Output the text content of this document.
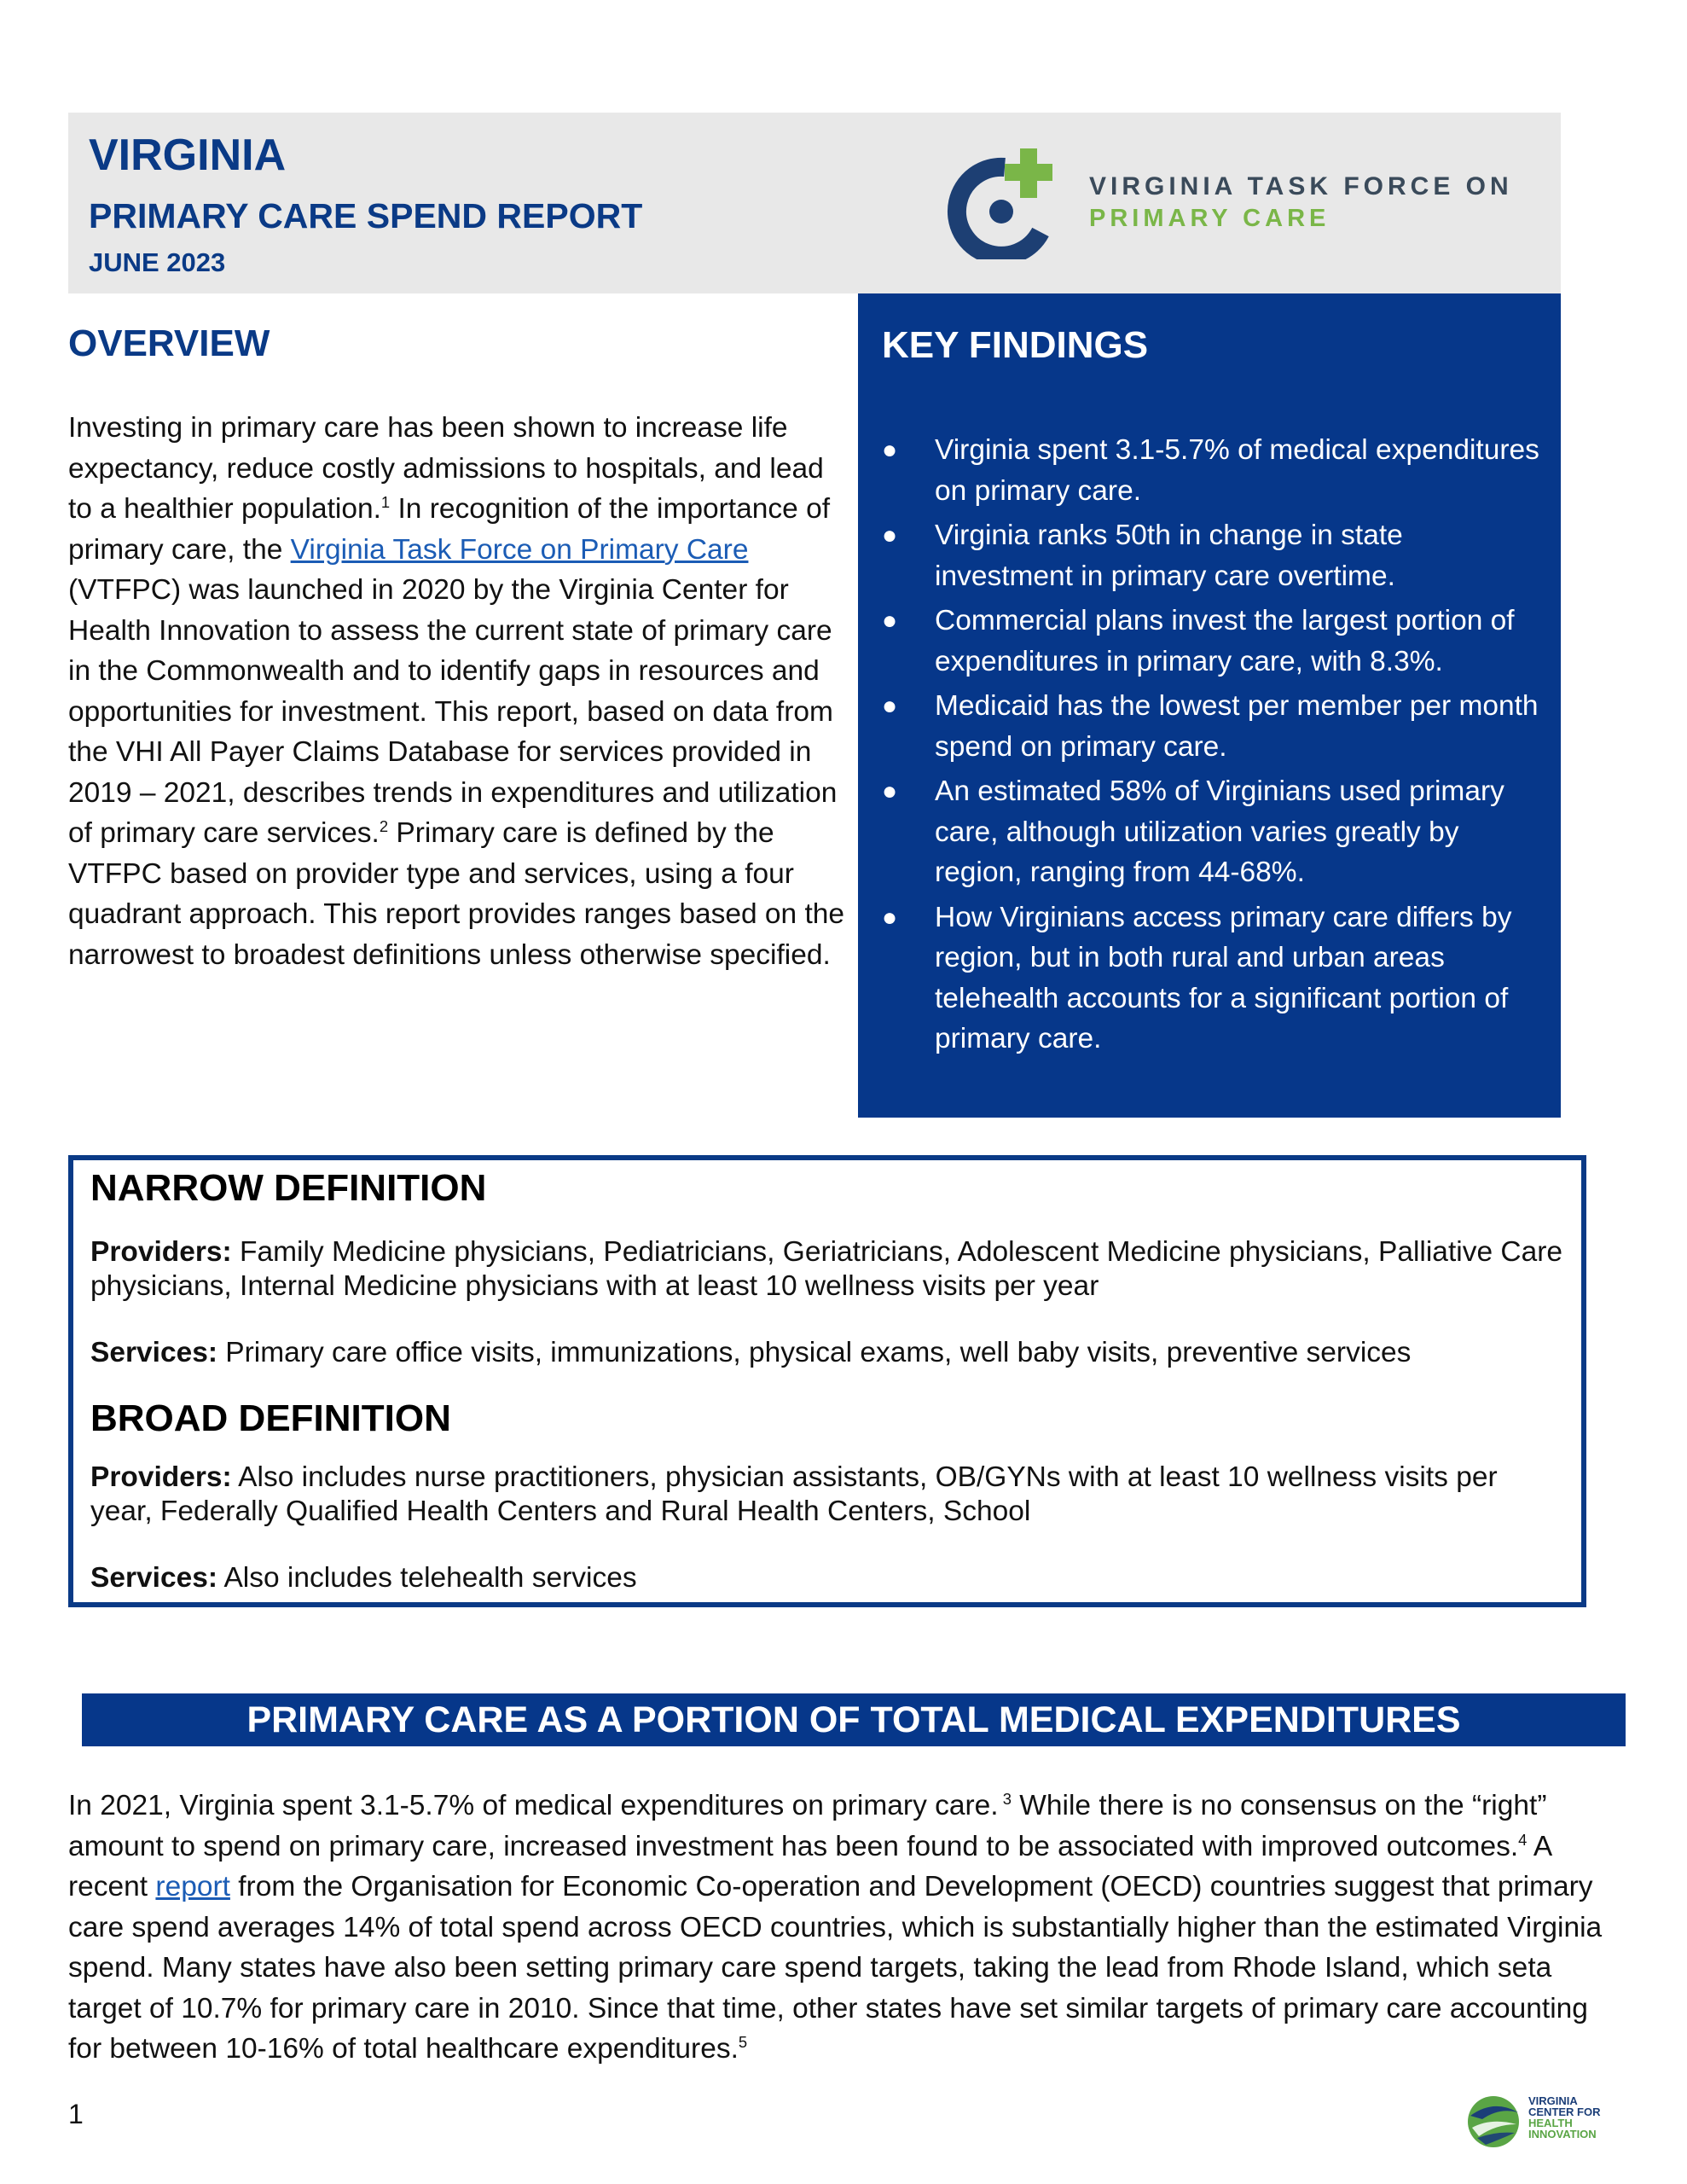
VIRGINIA
PRIMARY CARE SPEND REPORT
JUNE 2023
VIRGINIA TASK FORCE ON
PRIMARY CARE
OVERVIEW
Investing in primary care has been shown to increase life expectancy, reduce costly admissions to hospitals, and lead to a healthier population.$^1$ In recognition of the importance of primary care, the Virginia Task Force on Primary Care (VTFPC) was launched in 2020 by the Virginia Center for Health Innovation to assess the current state of primary care in the Commonwealth and to identify gaps in resources and opportunities for investment. This report, based on data from the VHI All Payer Claims Database for services provided in 2019 – 2021, describes trends in expenditures and utilization of primary care services.$^2$ Primary care is defined by the VTFPC based on provider type and services, using a four quadrant approach. This report provides ranges based on the narrowest to broadest definitions unless otherwise specified.
KEY FINDINGS
● Virginia spent 3.1-5.7% of medical expenditures on primary care.
● Virginia ranks 50th in change in state investment in primary care overtime.
● Commercial plans invest the largest portion of expenditures in primary care, with 8.3%.
● Medicaid has the lowest per member per month spend on primary care.
● An estimated 58% of Virginians used primary care, although utilization varies greatly by region, ranging from 44-68%.
● How Virginians access primary care differs by region, but in both rural and urban areas telehealth accounts for a significant portion of primary care.
NARROW DEFINITION
Providers: Family Medicine physicians, Pediatricians, Geriatricians, Adolescent Medicine physicians, Palliative Care physicians, Internal Medicine physicians with at least 10 wellness visits per year
Services: Primary care office visits, immunizations, physical exams, well baby visits, preventive services
BROAD DEFINITION
Providers: Also includes nurse practitioners, physician assistants, OB/GYNs with at least 10 wellness visits per year, Federally Qualified Health Centers and Rural Health Centers, School
Services: Also includes telehealth services
PRIMARY CARE AS A PORTION OF TOTAL MEDICAL EXPENDITURES
In 2021, Virginia spent 3.1-5.7% of medical expenditures on primary care. $^3$ While there is no consensus on the “right” amount to spend on primary care, increased investment has been found to be associated with improved outcomes.$^4$ A recent report from the Organisation for Economic Co-operation and Development (OECD) countries suggest that primary care spend averages 14% of total spend across OECD countries, which is substantially higher than the estimated Virginia spend. Many states have also been setting primary care spend targets, taking the lead from Rhode Island, which seta target of 10.7% for primary care in 2010. Since that time, other states have set similar targets of primary care accounting for between 10-16% of total healthcare expenditures.$^5$
1	VIRGINIA
CENTER FOR
HEALTH
INNOVATION
